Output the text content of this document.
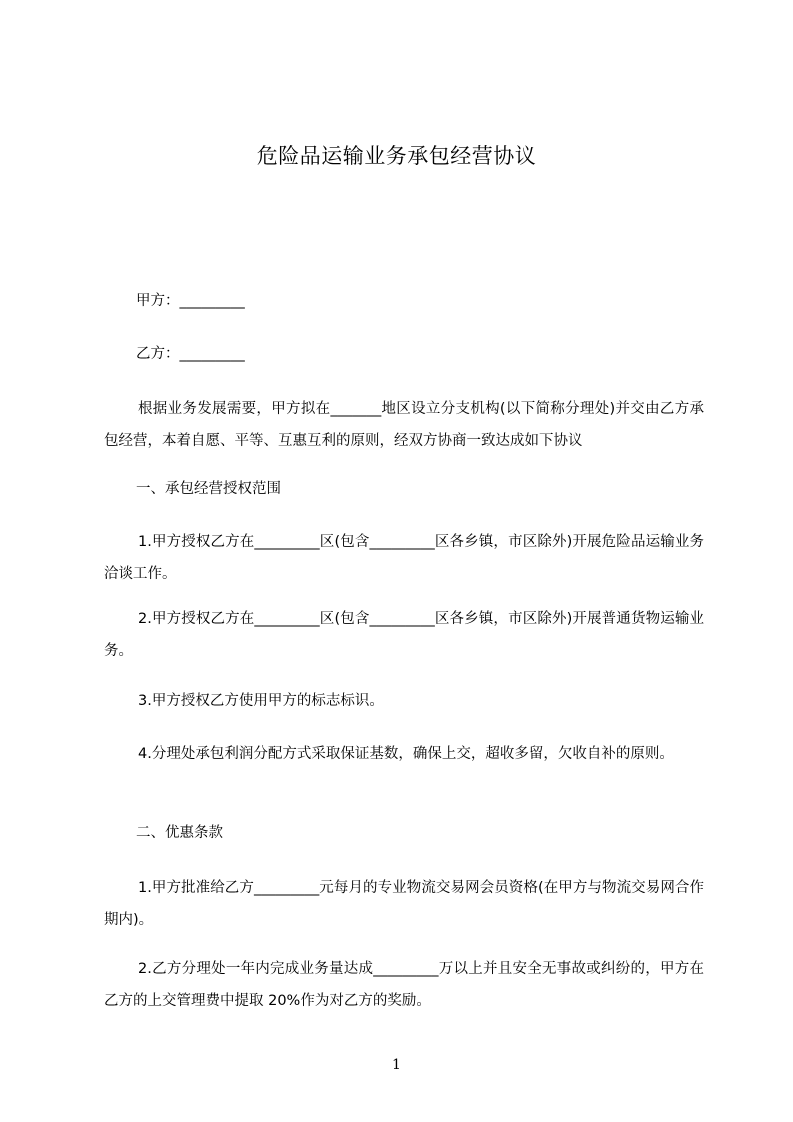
危险品运输业务承包经营协议
甲方：_________
乙方：_________
根据业务发展需要，甲方拟在_______地区设立分支机构(以下简称分理处)并交由乙方承包经营，本着自愿、平等、互惠互利的原则，经双方协商一致达成如下协议
一、承包经营授权范围
1.甲方授权乙方在_________区(包含_________区各乡镇，市区除外)开展危险品运输业务洽谈工作。
2.甲方授权乙方在_________区(包含_________区各乡镇，市区除外)开展普通货物运输业务。
3.甲方授权乙方使用甲方的标志标识。
4.分理处承包利润分配方式采取保证基数，确保上交，超收多留，欠收自补的原则。
二、优惠条款
1.甲方批准给乙方_________元每月的专业物流交易网会员资格(在甲方与物流交易网合作期内)。
2.乙方分理处一年内完成业务量达成_________万以上并且安全无事故或纠纷的，甲方在乙方的上交管理费中提取 20%作为对乙方的奖励。
1
